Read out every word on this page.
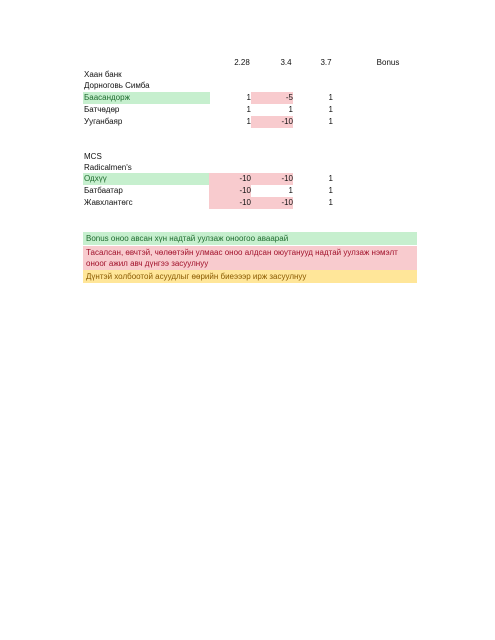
2.28	3.4	3.7	Bonus
Хаан банк
Дорноговь Симба
Баасандорж	1	-5	1
Батчөдөр	1	1	1
Ууганбаяр	1	-10	1
MCS
Radicalmen's
Одхүү	-10	-10	1
Батбаатар	-10	1	1
Жавхлантөгс	-10	-10	1
Bonus оноо авсан хүн надтай уулзаж оноогоо аваарай
Тасалсан, өвчтэй, чөлөөтэйн улмаас оноо алдсан оюутанууд надтай уулзаж нэмэлт
оноог ажил авч дүнгээ засуулнуу
Дүнтэй холбоотой асуудлыг өөрийн биеэээр ирж засуулнуу
